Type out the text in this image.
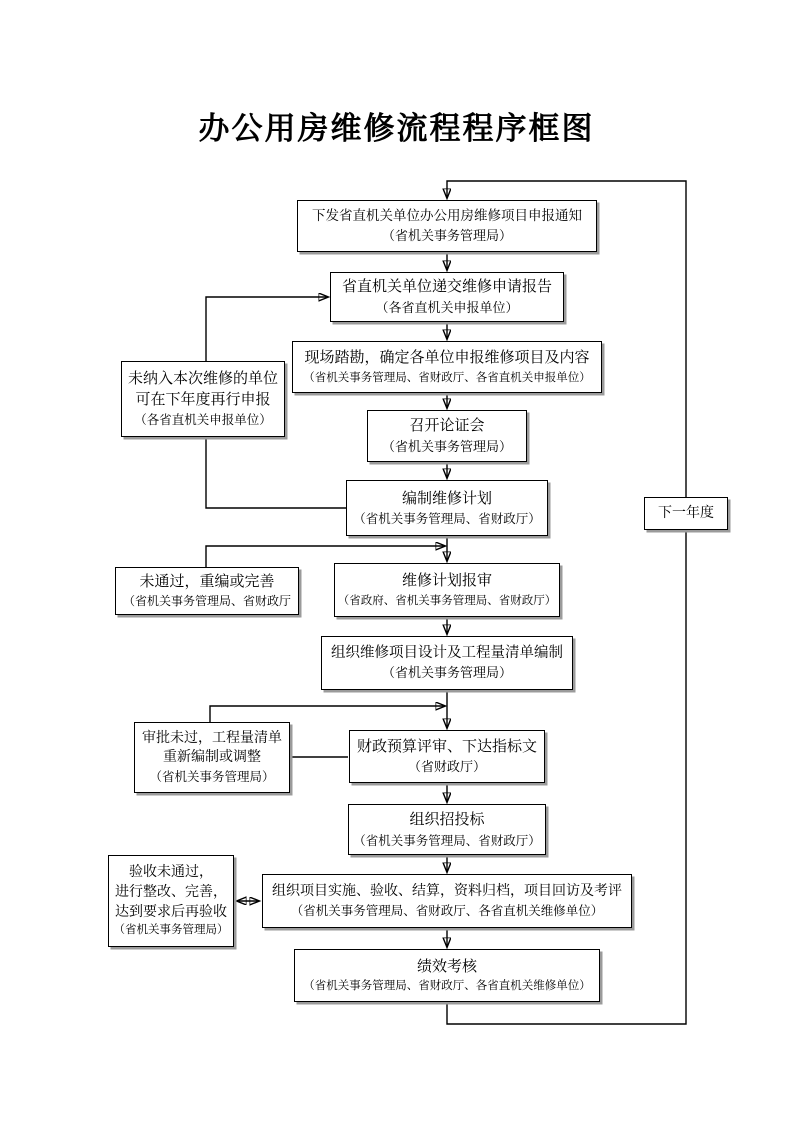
办公用房维修流程程序框图
下发省直机关单位办公用房维修项目申报通知
（省机关事务管理局）
省直机关单位递交维修申请报告
（各省直机关申报单位）
现场踏勘，确定各单位申报维修项目及内容
（省机关事务管理局、省财政厅、各省直机关申报单位）
召开论证会
（省机关事务管理局）
编制维修计划
（省机关事务管理局、省财政厅）
维修计划报审
（省政府、省机关事务管理局、省财政厅）
组织维修项目设计及工程量清单编制
（省机关事务管理局）
财政预算评审、下达指标文
（省财政厅）
组织招投标
（省机关事务管理局、省财政厅）
组织项目实施、验收、结算，资料归档，项目回访及考评
（省机关事务管理局、省财政厅、各省直机关维修单位）
绩效考核
（省机关事务管理局、省财政厅、各省直机关维修单位）
未纳入本次维修的单位
可在下年度再行申报
（各省直机关申报单位）
未通过，重编或完善
（省机关事务管理局、省财政厅
审批未过，工程量清单
重新编制或调整
（省机关事务管理局）
验收未通过，
进行整改、完善，
达到要求后再验收
（省机关事务管理局）
下一年度
